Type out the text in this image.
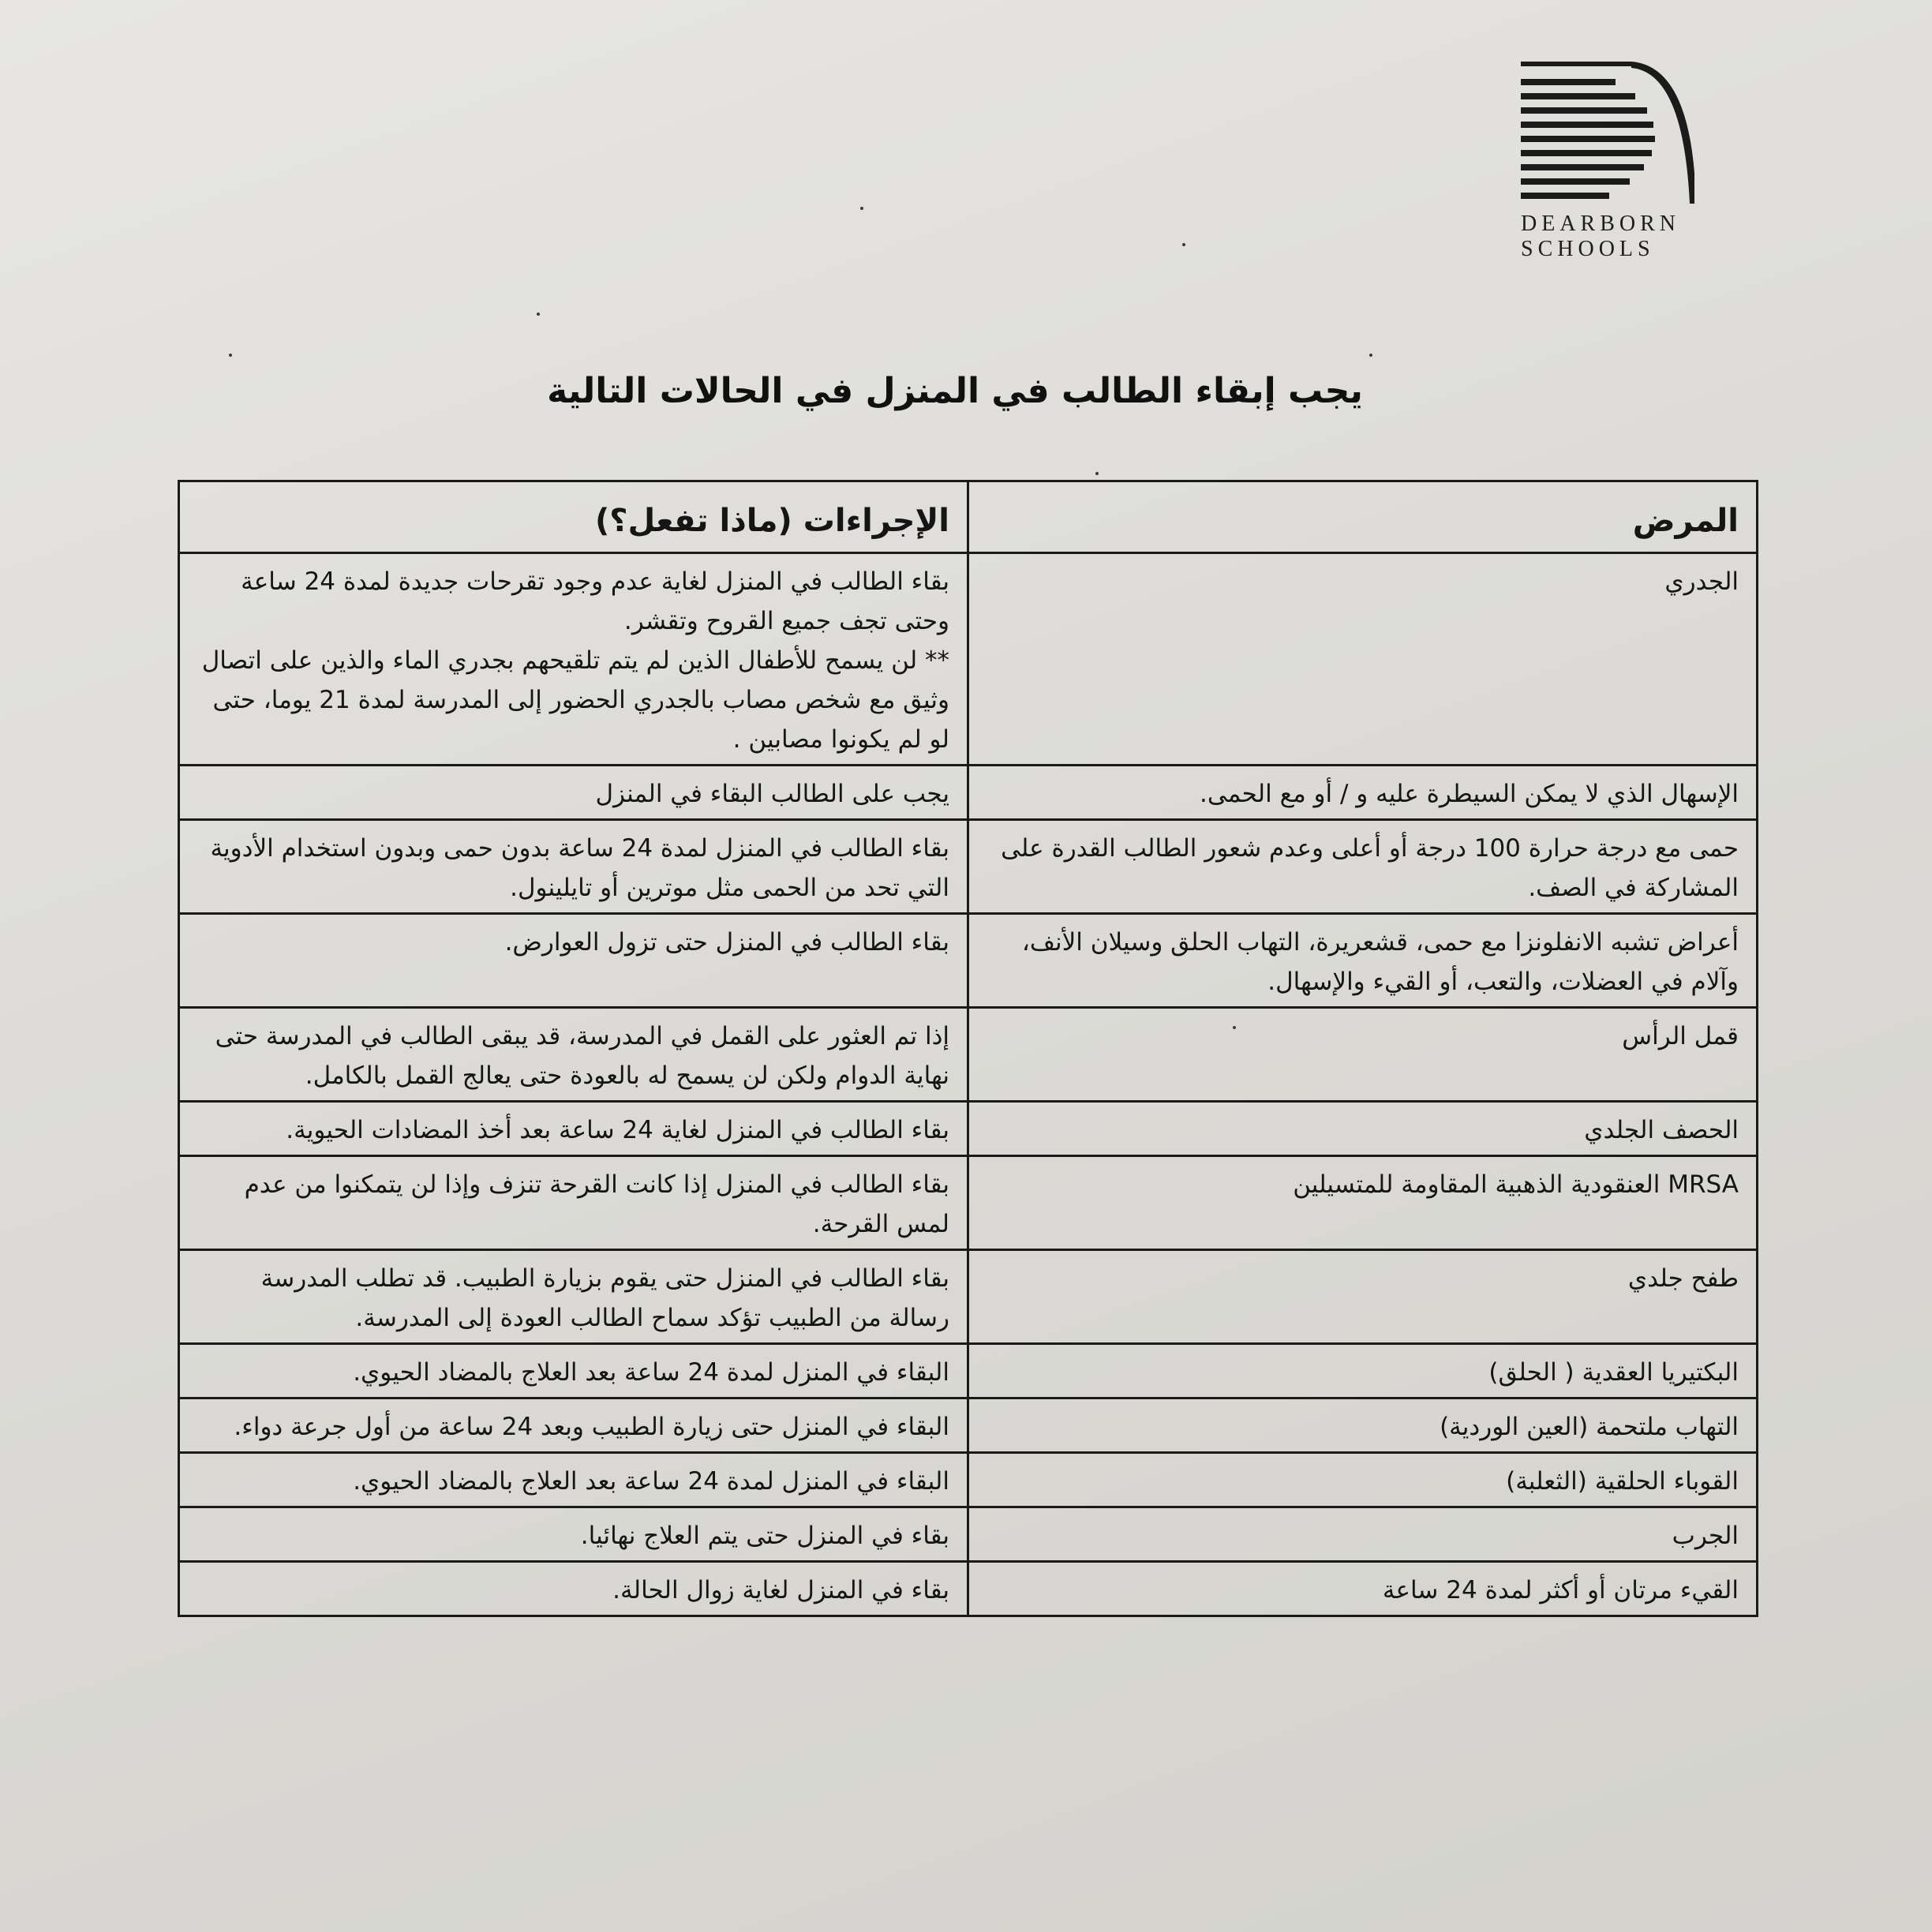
DEARBORN
SCHOOLS
يجب إبقاء الطالب في المنزل في الحالات التالية
المرض	الإجراءات (ماذا تفعل؟)
الجدري	بقاء الطالب في المنزل لغاية عدم وجود تقرحات جديدة لمدة 24 ساعة وحتى تجف جميع القروح وتقشر.
** لن يسمح للأطفال الذين لم يتم تلقيحهم بجدري الماء والذين على اتصال وثيق مع شخص مصاب بالجدري الحضور إلى المدرسة لمدة 21 يوما، حتى لو لم يكونوا مصابين .

الإسهال الذي لا يمكن السيطرة عليه و / أو مع الحمى.	يجب على الطالب البقاء في المنزل
حمى مع درجة حرارة 100 درجة أو أعلى وعدم شعور الطالب القدرة على المشاركة في الصف.	بقاء الطالب في المنزل لمدة 24 ساعة بدون حمى وبدون استخدام الأدوية التي تحد من الحمى مثل موترين أو تايلينول.
أعراض تشبه الانفلونزا مع حمى، قشعريرة، التهاب الحلق وسيلان الأنف، وآلام في العضلات، والتعب، أو القيء والإسهال.	بقاء الطالب في المنزل حتى تزول العوارض.
قمل الرأس	إذا تم العثور على القمل في المدرسة، قد يبقى الطالب في المدرسة حتى نهاية الدوام ولكن لن يسمح له بالعودة حتى يعالج القمل بالكامل.
الحصف الجلدي	بقاء الطالب في المنزل لغاية 24 ساعة بعد أخذ المضادات الحيوية.
MRSA العنقودية الذهبية المقاومة للمتسيلين	بقاء الطالب في المنزل إذا كانت القرحة تنزف وإذا لن يتمكنوا من عدم لمس القرحة.
طفح جلدي	بقاء الطالب في المنزل حتى يقوم بزيارة الطبيب. قد تطلب المدرسة رسالة من الطبيب تؤكد سماح الطالب العودة إلى المدرسة.
البكتيريا العقدية ( الحلق)	البقاء في المنزل لمدة 24 ساعة بعد العلاج بالمضاد الحيوي.
التهاب ملتحمة (العين الوردية)	البقاء في المنزل حتى زيارة الطبيب وبعد 24 ساعة من أول جرعة دواء.
القوباء الحلقية (الثعلبة)	البقاء في المنزل لمدة 24 ساعة بعد العلاج بالمضاد الحيوي.
الجرب	بقاء في المنزل حتى يتم العلاج نهائيا.
القيء مرتان أو أكثر لمدة 24 ساعة	بقاء في المنزل لغاية زوال الحالة.
